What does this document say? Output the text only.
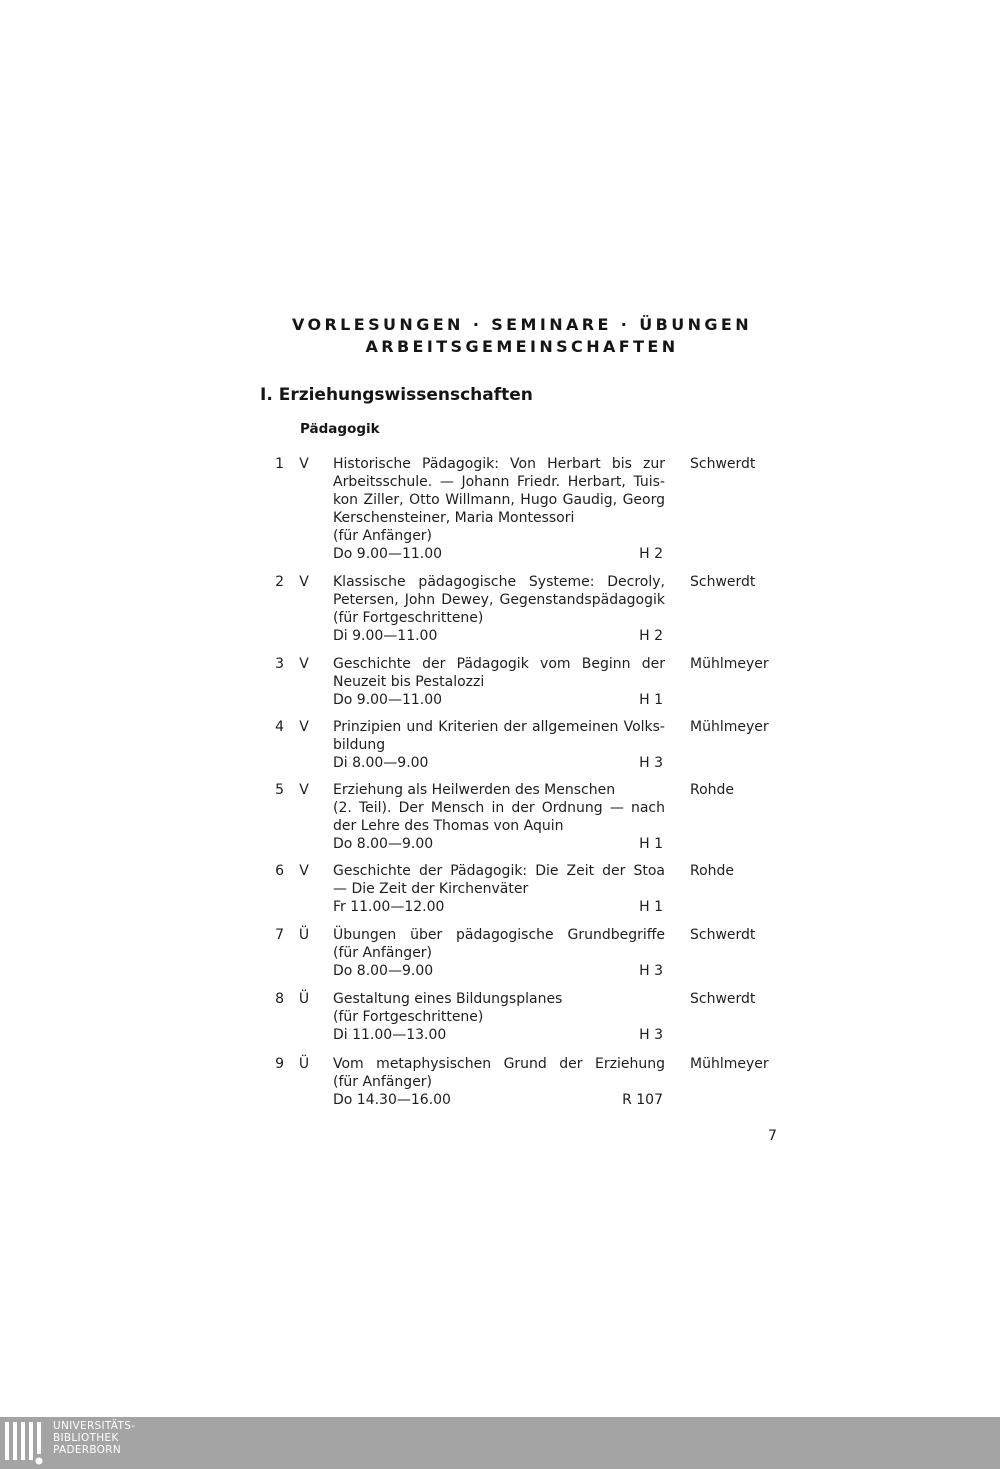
VORLESUNGEN · SEMINARE · ÜBUNGEN
ARBEITSGEMEINSCHAFTEN
I. Erziehungswissenschaften
Pädagogik
1 V Historische Pädagogik: Von Herbart bis zur
Arbeitsschule. — Johann Friedr. Herbart, Tuis-
kon Ziller, Otto Willmann, Hugo Gaudig, Georg
Kerschensteiner, Maria Montessori
(für Anfänger)
Do 9.00—11.00	H 2
Schwerdt
2 V Klassische pädagogische Systeme: Decroly,
Petersen, John Dewey, Gegenstandspädagogik
(für Fortgeschrittene)
Di 9.00—11.00	H 2
Schwerdt
3 V Geschichte der Pädagogik vom Beginn der
Neuzeit bis Pestalozzi
Do 9.00—11.00	H 1
Mühlmeyer
4 V Prinzipien und Kriterien der allgemeinen Volks-
bildung
Di 8.00—9.00	H 3
Mühlmeyer
5 V Erziehung als Heilwerden des Menschen
(2. Teil). Der Mensch in der Ordnung — nach
der Lehre des Thomas von Aquin
Do 8.00—9.00	H 1
Rohde
6 V Geschichte der Pädagogik: Die Zeit der Stoa
— Die Zeit der Kirchenväter
Fr 11.00—12.00	H 1
Rohde
7 Ü Übungen über pädagogische Grundbegriffe
(für Anfänger)
Do 8.00—9.00	H 3
Schwerdt
8 Ü Gestaltung eines Bildungsplanes
(für Fortgeschrittene)
Di 11.00—13.00	H 3
Schwerdt
9 Ü Vom metaphysischen Grund der Erziehung
(für Anfänger)
Do 14.30—16.00	R 107
Mühlmeyer
7
UNIVERSITÄTS-
BIBLIOTHEK
PADERBORN
